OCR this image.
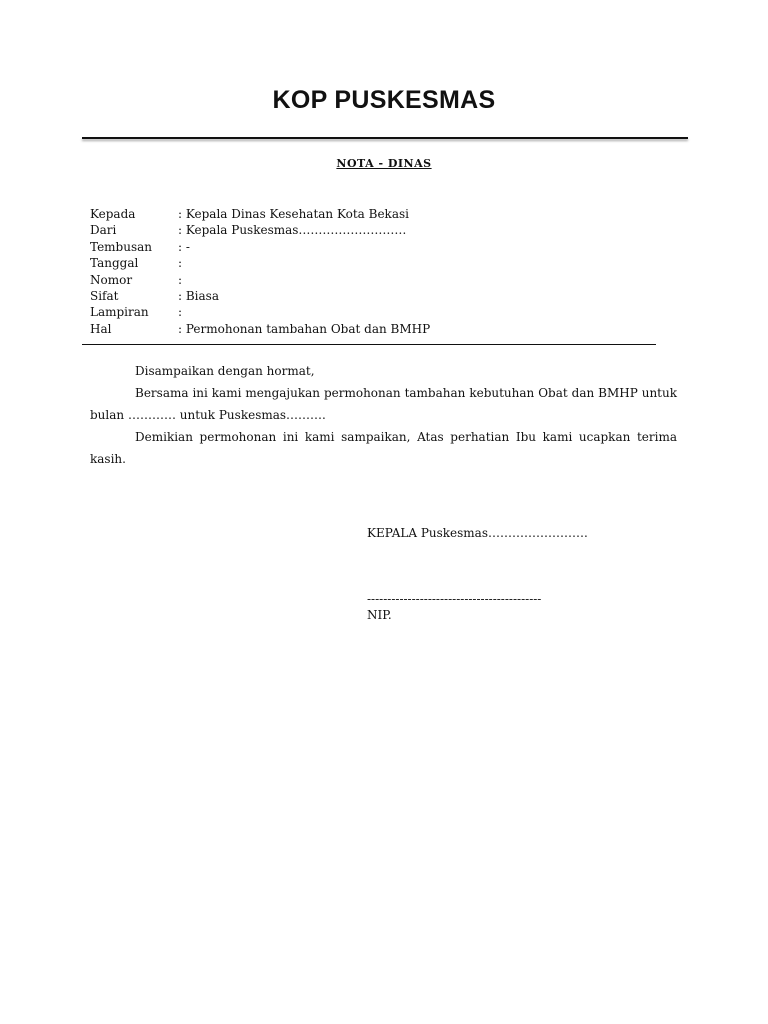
KOP PUSKESMAS
NOTA - DINAS
Kepada	: Kepala Dinas Kesehatan Kota Bekasi
Dari	: Kepala Puskesmas………………………
Tembusan	: -
Tanggal	:
Nomor	:
Sifat	: Biasa
Lampiran	:
Hal	: Permohonan tambahan Obat dan BMHP

Disampaikan dengan hormat,

Bersama ini kami mengajukan permohonan tambahan kebutuhan Obat dan BMHP untuk bulan ………… untuk Puskesmas……….

Demikian permohonan ini kami sampaikan, Atas perhatian Ibu kami ucapkan terima kasih.

KEPALA Puskesmas…………………….
-------------------------------------------
NIP.
